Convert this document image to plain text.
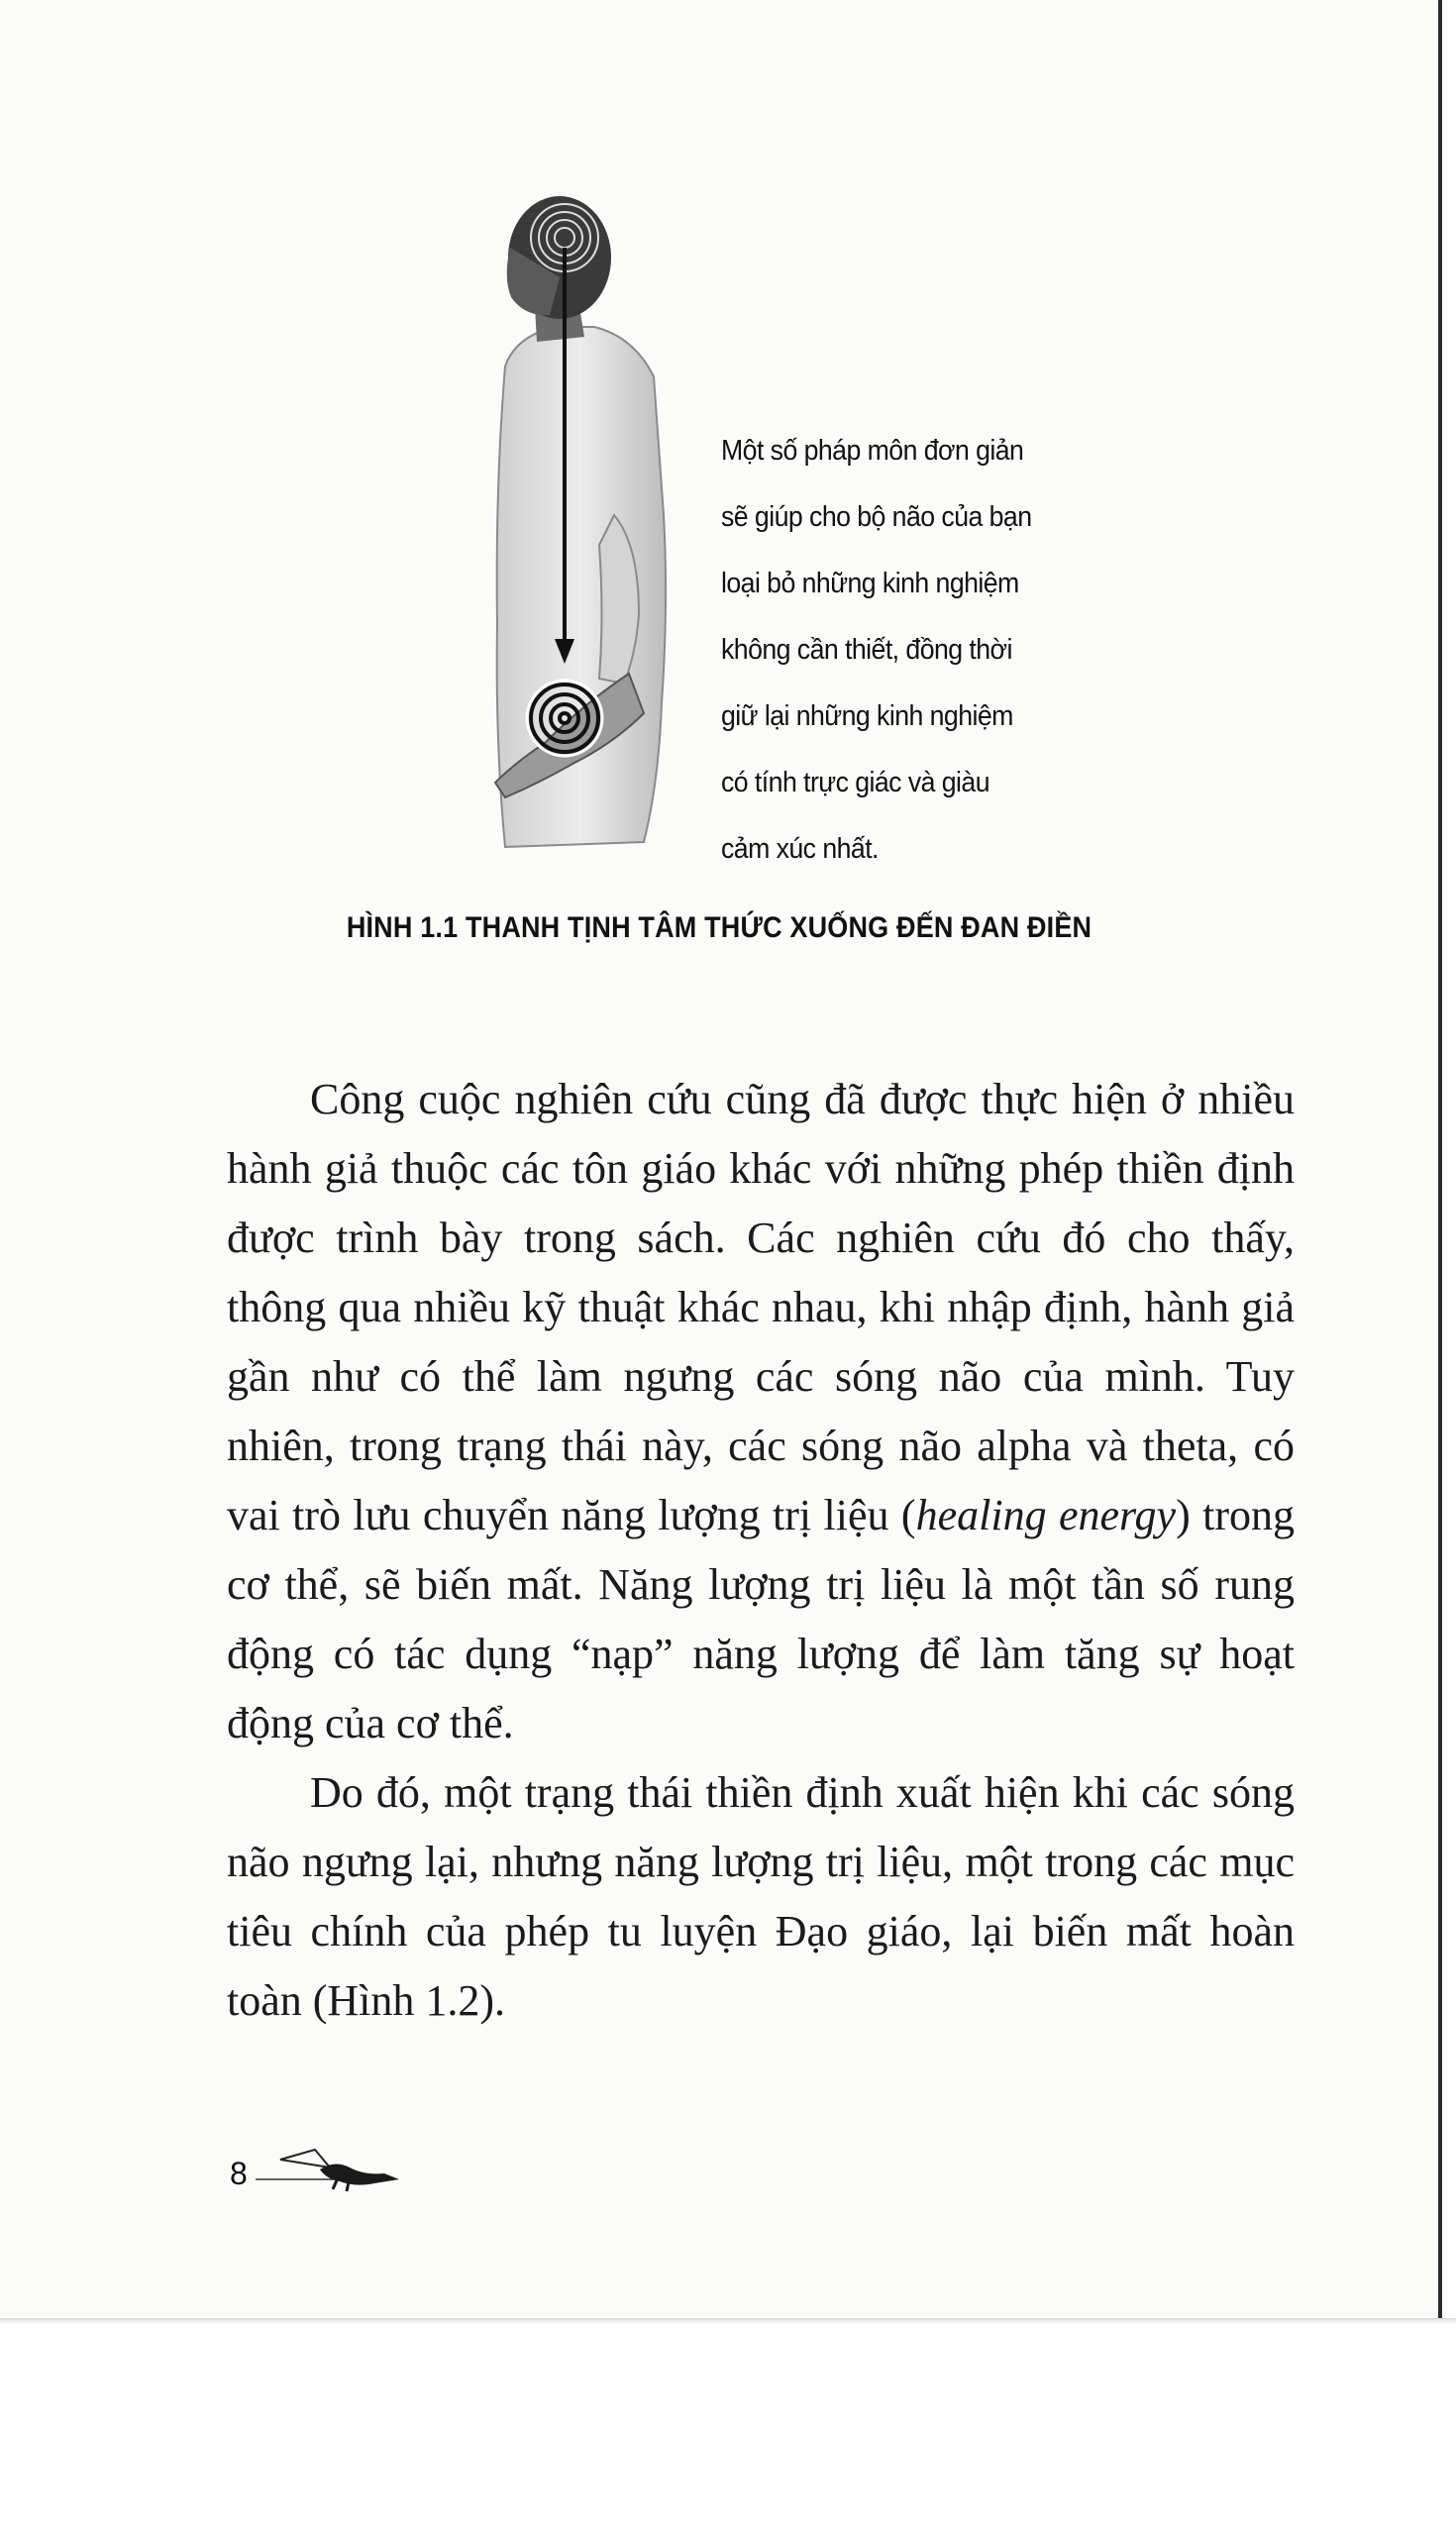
Một số pháp môn đơn giản

sẽ giúp cho bộ não của bạn

loại bỏ những kinh nghiệm

không cần thiết, đồng thời

giữ lại những kinh nghiệm

có tính trực giác và giàu

cảm xúc nhất.

HÌNH 1.1 THANH TỊNH TÂM THỨC XUỐNG ĐẾN ĐAN ĐIỀN

Công cuộc nghiên cứu cũng đã được thực hiện ở nhiều hành giả thuộc các tôn giáo khác với những phép thiền định được trình bày trong sách. Các nghiên cứu đó cho thấy, thông qua nhiều kỹ thuật khác nhau, khi nhập định, hành giả gần như có thể làm ngưng các sóng não của mình. Tuy nhiên, trong trạng thái này, các sóng não alpha và theta, có vai trò lưu chuyển năng lượng trị liệu (healing energy) trong cơ thể, sẽ biến mất. Năng lượng trị liệu là một tần số rung động có tác dụng “nạp” năng lượng để làm tăng sự hoạt động của cơ thể.

Do đó, một trạng thái thiền định xuất hiện khi các sóng não ngưng lại, nhưng năng lượng trị liệu, một trong các mục tiêu chính của phép tu luyện Đạo giáo, lại biến mất hoàn toàn (Hình 1.2).

8
